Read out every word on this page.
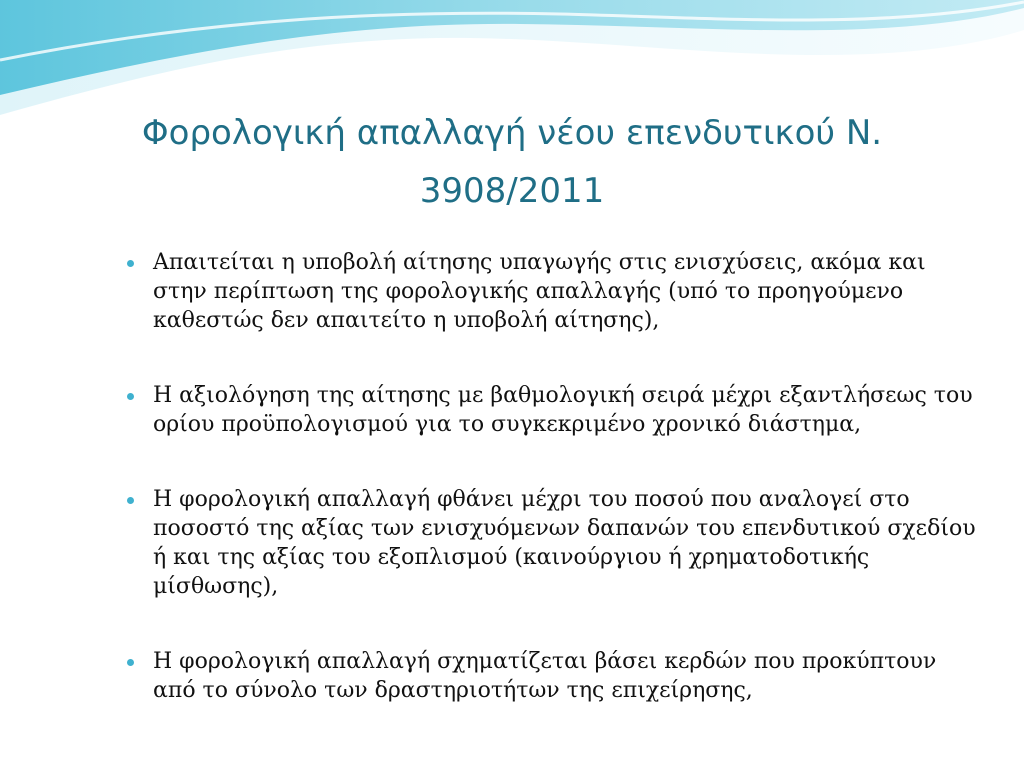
Φορολογική απαλλαγή νέου επενδυτικού Ν.
3908/2011
Απαιτείται η υποβολή αίτησης υπαγωγής στις ενισχύσεις, ακόμα και στην περίπτωση της φορολογικής απαλλαγής (υπό το προηγούμενο καθεστώς δεν απαιτείτο η υποβολή αίτησης),
Η αξιολόγηση της αίτησης με βαθμολογική σειρά μέχρι εξαντλήσεως του ορίου προϋπολογισμού για το συγκεκριμένο χρονικό διάστημα,
Η φορολογική απαλλαγή φθάνει μέχρι του ποσού που αναλογεί στο ποσοστό της αξίας των ενισχυόμενων δαπανών του επενδυτικού σχεδίου ή και της αξίας του εξοπλισμού (καινούργιου ή χρηματοδοτικής μίσθωσης),
Η φορολογική απαλλαγή σχηματίζεται βάσει κερδών που προκύπτουν από το σύνολο των δραστηριοτήτων της επιχείρησης,
